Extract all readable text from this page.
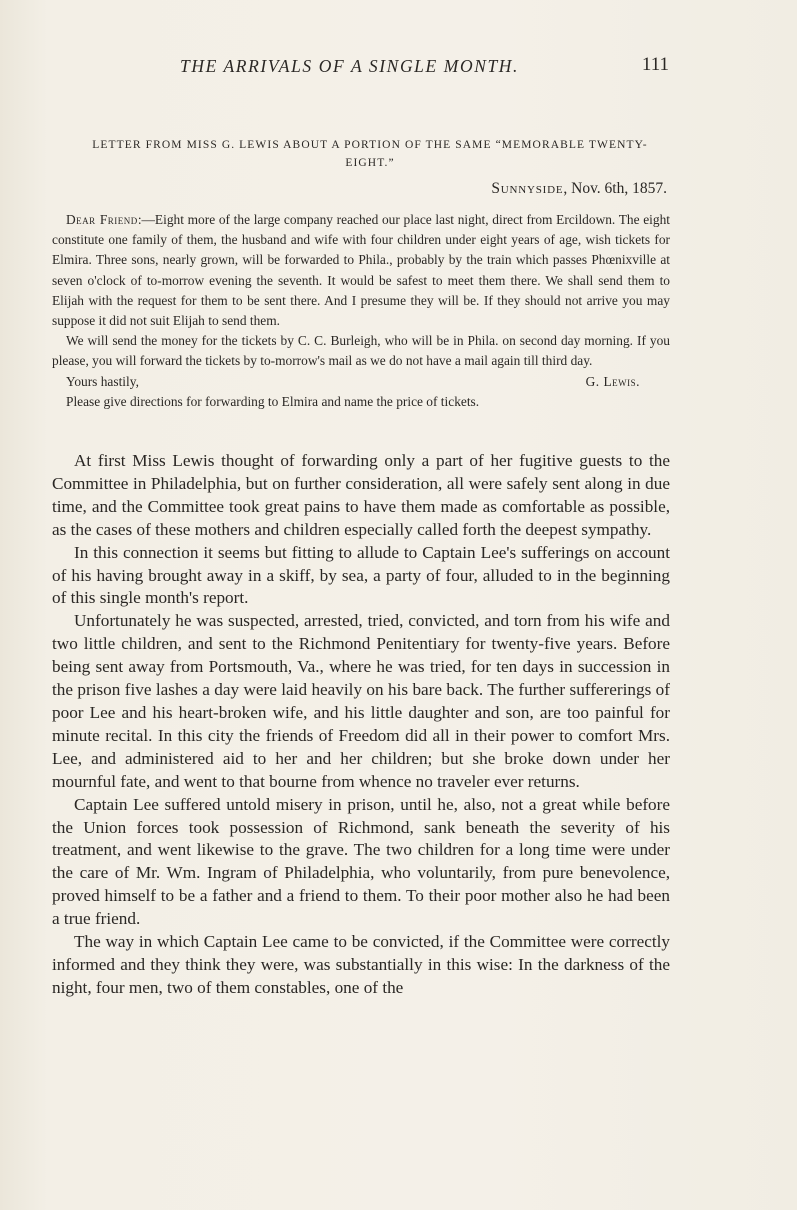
THE ARRIVALS OF A SINGLE MONTH.	111
LETTER FROM MISS G. LEWIS ABOUT A PORTION OF THE SAME “MEMORABLE TWENTY-EIGHT.”
Sunnyside, Nov. 6th, 1857.

Dear Friend:—Eight more of the large company reached our place last night, direct from Ercildown. The eight constitute one family of them, the husband and wife with four children under eight years of age, wish tickets for Elmira. Three sons, nearly grown, will be forwarded to Phila., probably by the train which passes Phœnixville at seven o'clock of to-morrow evening the seventh. It would be safest to meet them there. We shall send them to Elijah with the request for them to be sent there. And I presume they will be. If they should not arrive you may suppose it did not suit Elijah to send them.

We will send the money for the tickets by C. C. Burleigh, who will be in Phila. on second day morning. If you please, you will forward the tickets by to-morrow's mail as we do not have a mail again till third day.

Yours hastily,	G. Lewis.

Please give directions for forwarding to Elmira and name the price of tickets.

At first Miss Lewis thought of forwarding only a part of her fugitive guests to the Committee in Philadelphia, but on further consideration, all were safely sent along in due time, and the Committee took great pains to have them made as comfortable as possible, as the cases of these mothers and children especially called forth the deepest sympathy.

In this connection it seems but fitting to allude to Captain Lee's sufferings on account of his having brought away in a skiff, by sea, a party of four, alluded to in the beginning of this single month's report.

Unfortunately he was suspected, arrested, tried, convicted, and torn from his wife and two little children, and sent to the Richmond Penitentiary for twenty-five years. Before being sent away from Portsmouth, Va., where he was tried, for ten days in succession in the prison five lashes a day were laid heavily on his bare back. The further suffererings of poor Lee and his heart-broken wife, and his little daughter and son, are too painful for minute recital. In this city the friends of Freedom did all in their power to comfort Mrs. Lee, and administered aid to her and her children; but she broke down under her mournful fate, and went to that bourne from whence no traveler ever returns.

Captain Lee suffered untold misery in prison, until he, also, not a great while before the Union forces took possession of Richmond, sank beneath the severity of his treatment, and went likewise to the grave. The two children for a long time were under the care of Mr. Wm. Ingram of Philadelphia, who voluntarily, from pure benevolence, proved himself to be a father and a friend to them. To their poor mother also he had been a true friend.

The way in which Captain Lee came to be convicted, if the Committee were correctly informed and they think they were, was substantially in this wise: In the darkness of the night, four men, two of them constables, one of the
